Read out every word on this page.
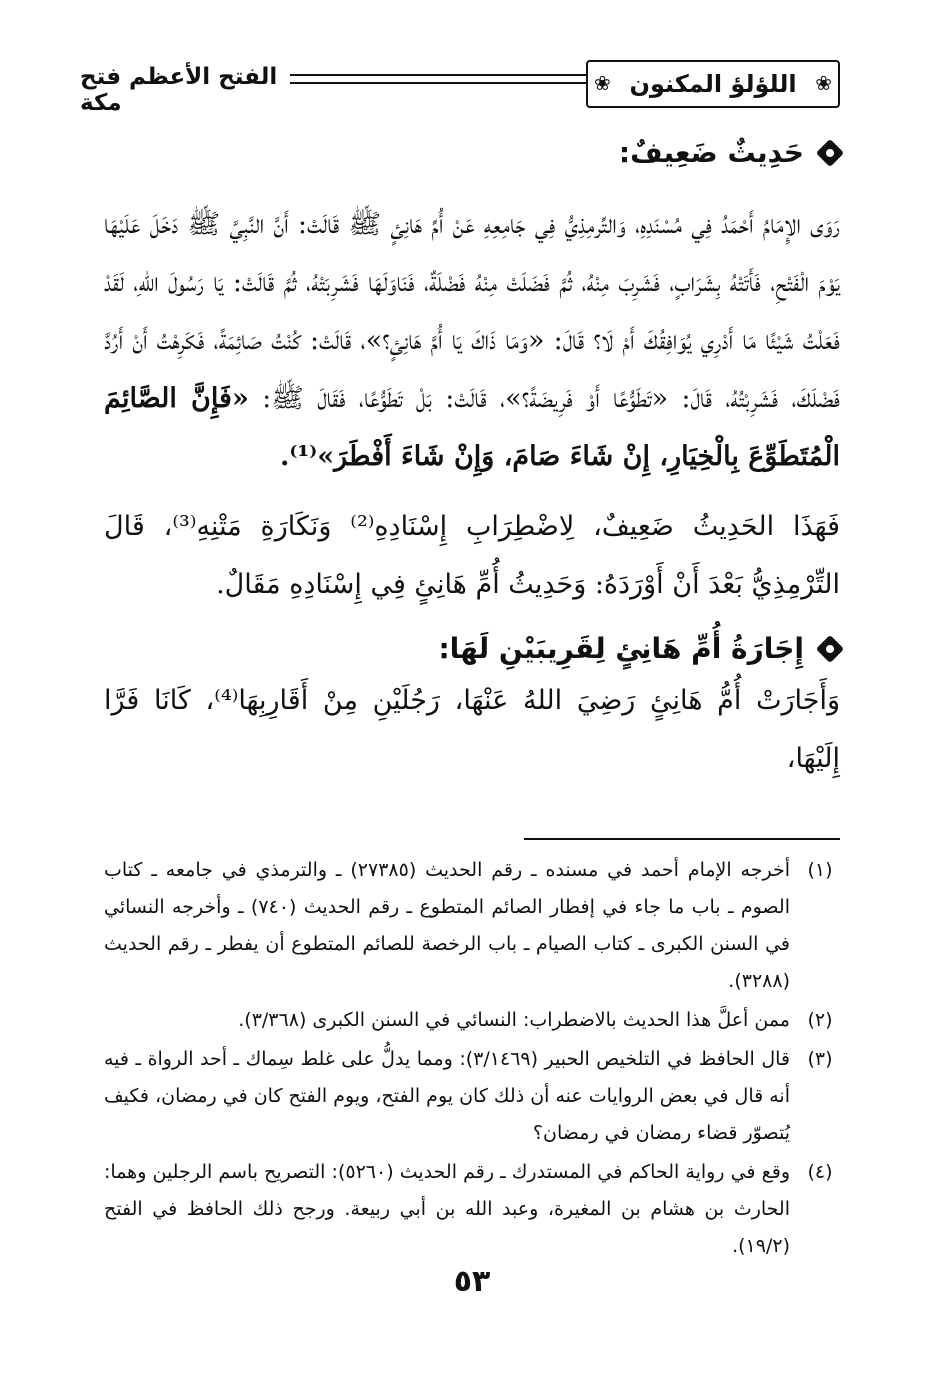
❀
اللؤلؤ المكنون
❀
الفتح الأعظم فتح مكة
حَدِيثٌ ضَعِيفٌ:

رَوَى الإِمَامُ أَحْمَدُ فِي مُسْنَدِهِ، وَالتِّرمِذِيُّ فِي جَامِعِهِ عَنْ أُمِّ هَانِئٍ ﷺ قَالَتْ: أَنَّ النَّبِيَّ ﷺ دَخَلَ عَلَيْهَا يَوْمَ الْفَتْحِ، فَأَتَتْهُ بِشَرَابٍ، فَشَرِبَ مِنْهُ، ثُمَّ فَضَلَتْ مِنْهُ فَضْلَةٌ، فَنَاوَلَهَا فَشَرِبَتْهُ، ثُمَّ قَالَتْ: يَا رَسُولَ اللهِ، لَقَدْ فَعَلْتُ شَيْئًا مَا أَدْرِي يُوَافِقُكَ أَمْ لَا؟ قَالَ: «وَمَا ذَاكَ يَا أُمَّ هَانِئٍ؟»، قَالَتْ: كُنْتُ صَائِمَةً، فَكَرِهْتُ أَنْ أَرُدَّ فَضْلَكَ، فَشَرِبْتُهُ، قَالَ: «تَطَوُّعًا أَوْ فَرِيضَةً؟»، قَالَتْ: بَلْ تَطَوُّعًا، فَقَالَ ﷺ: «فَإِنَّ الصَّائِمَ الْمُتَطَوِّعَ بِالْخِيَارِ، إِنْ شَاءَ صَامَ، وَإِنْ شَاءَ أَفْطَرَ»⁽¹⁾.

فَهَذَا الحَدِيثُ ضَعِيفٌ، لِاضْطِرَابِ إِسْنَادِهِ⁽²⁾ وَنَكَارَةِ مَتْنِهِ⁽³⁾، قَالَ التِّرْمِذِيُّ بَعْدَ أَنْ أَوْرَدَهُ: وَحَدِيثُ أُمِّ هَانِئٍ فِي إِسْنَادِهِ مَقَالٌ.

إِجَارَةُ أُمِّ هَانِئٍ لِقَرِيبَيْنِ لَهَا:

وَأَجَارَتْ أُمُّ هَانِئٍ رَضِيَ اللهُ عَنْهَا، رَجُلَيْنِ مِنْ أَقَارِبِهَا⁽⁴⁾، كَانَا فَرَّا إِلَيْهَا،

(١)
أخرجه الإمام أحمد في مسنده ـ رقم الحديث (٢٧٣٨٥) ـ والترمذي في جامعه ـ كتاب الصوم ـ باب ما جاء في إفطار الصائم المتطوع ـ رقم الحديث (٧٤٠) ـ وأخرجه النسائي في السنن الكبرى ـ كتاب الصيام ـ باب الرخصة للصائم المتطوع أن يفطر ـ رقم الحديث (٣٢٨٨).
(٢)
ممن أعلَّ هذا الحديث بالاضطراب: النسائي في السنن الكبرى (٣/٣٦٨).
(٣)
قال الحافظ في التلخيص الحبير (٣/١٤٦٩): ومما يدلُّ على غلط سِماك ـ أحد الرواة ـ فيه أنه قال في بعض الروايات عنه أن ذلك كان يوم الفتح، ويوم الفتح كان في رمضان، فكيف يُتصوّر قضاء رمضان في رمضان؟
(٤)
وقع في رواية الحاكم في المستدرك ـ رقم الحديث (٥٢٦٠): التصريح باسم الرجلين وهما: الحارث بن هشام بن المغيرة، وعبد الله بن أبي ربيعة. ورجح ذلك الحافظ في الفتح (١٩/٢).
٥٣
